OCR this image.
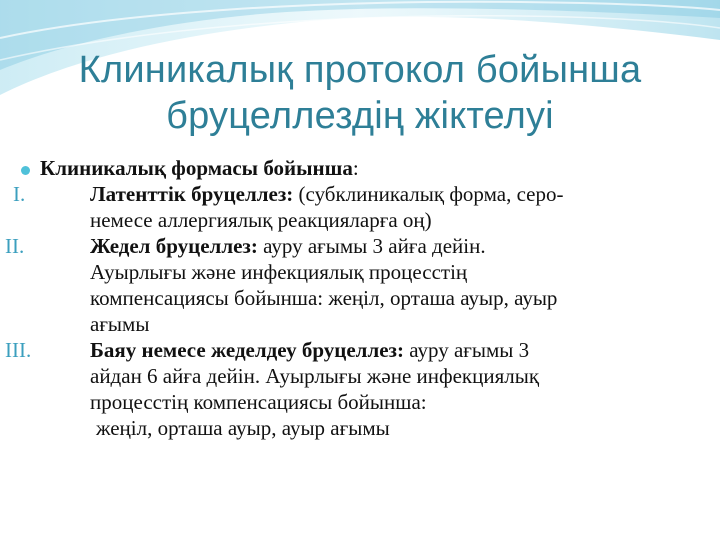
Клиникалық протокол бойынша
бруцеллездің жіктелуі
Клиникалық формасы бойынша:
I.	Латенттік бруцеллез: (субклиникалық форма, серо-
немесе аллергиялық реакцияларға оң)
II.	Жедел бруцеллез: ауру ағымы 3 айға дейін.
Ауырлығы және инфекциялық процесстің
компенсациясы бойынша: жеңіл, орташа ауыр, ауыр
ағымы
III.	Баяу немесе жеделдеу бруцеллез: ауру ағымы 3
айдан 6 айға дейін. Ауырлығы және инфекциялық
процесстің компенсациясы бойынша:
жеңіл, орташа ауыр, ауыр ағымы
